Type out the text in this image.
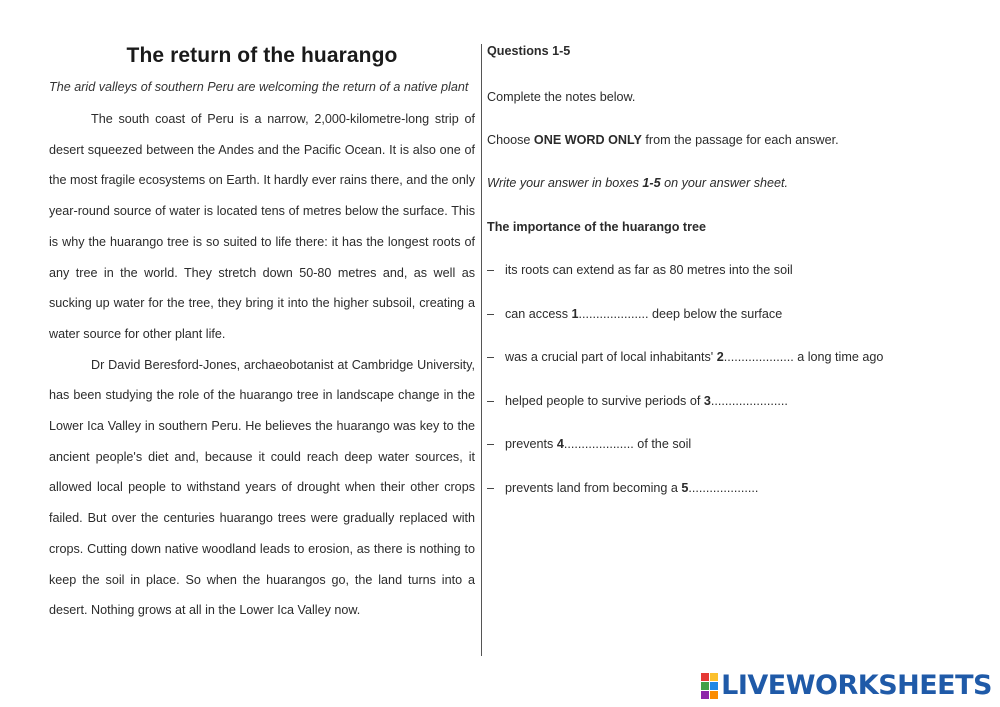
The return of the huarango

The arid valleys of southern Peru are welcoming the return of a native plant

The south coast of Peru is a narrow, 2,000-kilometre-long strip of desert squeezed between the Andes and the Pacific Ocean. It is also one of the most fragile ecosystems on Earth. It hardly ever rains there, and the only year-round source of water is located tens of metres below the surface. This is why the huarango tree is so suited to life there: it has the longest roots of any tree in the world. They stretch down 50-80 metres and, as well as sucking up water for the tree, they bring it into the higher subsoil, creating a water source for other plant life.

Dr David Beresford-Jones, archaeobotanist at Cambridge University, has been studying the role of the huarango tree in landscape change in the Lower Ica Valley in southern Peru. He believes the huarango was key to the ancient people's diet and, because it could reach deep water sources, it allowed local people to withstand years of drought when their other crops failed. But over the centuries huarango trees were gradually replaced with crops. Cutting down native woodland leads to erosion, as there is nothing to keep the soil in place. So when the huarangos go, the land turns into a desert. Nothing grows at all in the Lower Ica Valley now.

Questions 1-5
Complete the notes below.
Choose ONE WORD ONLY from the passage for each answer.
Write your answer in boxes 1-5 on your answer sheet.
The importance of the huarango tree
– its roots can extend as far as 80 metres into the soil
– can access 1.................... deep below the surface
– was a crucial part of local inhabitants' 2.................... a long time ago
– helped people to survive periods of 3......................
– prevents 4.................... of the soil
– prevents land from becoming a 5....................
LIVEWORKSHEETS
